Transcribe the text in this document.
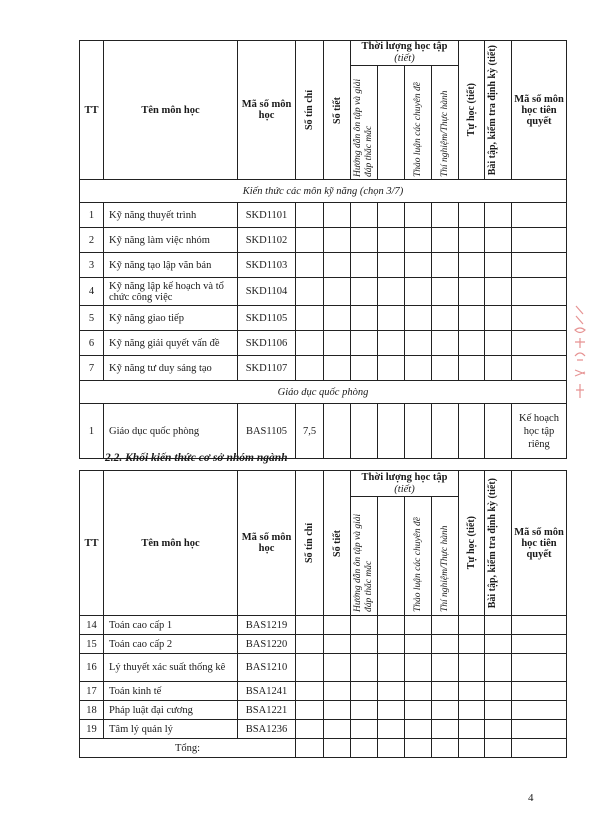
TT	Tên môn học	Mã số môn học	Số tín chỉ	Số tiết	Thời lượng học tập
(tiết)				Tự học (tiết)	Bài tập, kiểm tra định kỳ (tiết)	Mã số môn học tiên quyết

					Hướng dẫn ôn tập và giải đáp thắc mắc		Thảo luận các chuyên đề	Thí nghiệm/Thực hành			

Kiến thức các môn kỹ năng (chọn 3/7)											
1	Kỹ năng thuyết trình	SKD1101									
2	Kỹ năng làm việc nhóm	SKD1102									
3	Kỹ năng tạo lập văn bản	SKD1103									
4	Kỹ năng lập kế hoạch và tổ chức công việc	SKD1104									
5	Kỹ năng giao tiếp	SKD1105									
6	Kỹ năng giải quyết vấn đề	SKD1106									
7	Kỹ năng tư duy sáng tạo	SKD1107									
Giáo dục quốc phòng											
1	Giáo dục quốc phòng	BAS1105	7,5								Kế hoạch học tập riêng
2.2. Khối kiến thức cơ sở nhóm ngành
TT	Tên môn học	Mã số môn học	Số tín chỉ	Số tiết	Thời lượng học tập
(tiết)				Tự học (tiết)	Bài tập, kiểm tra định kỳ (tiết)	Mã số môn học tiên quyết

					Hướng dẫn ôn tập và giải đáp thắc mắc		Thảo luận các chuyên đề	Thí nghiệm/Thực hành			

14	Toán cao cấp 1	BAS1219									
15	Toán cao cấp 2	BAS1220									
16	Lý thuyết xác suất thống kê	BAS1210									
17	Toán kinh tế	BSA1241									
18	Pháp luật đại cương	BSA1221									
19	Tâm lý quản lý	BSA1236									
Tổng:											
4
